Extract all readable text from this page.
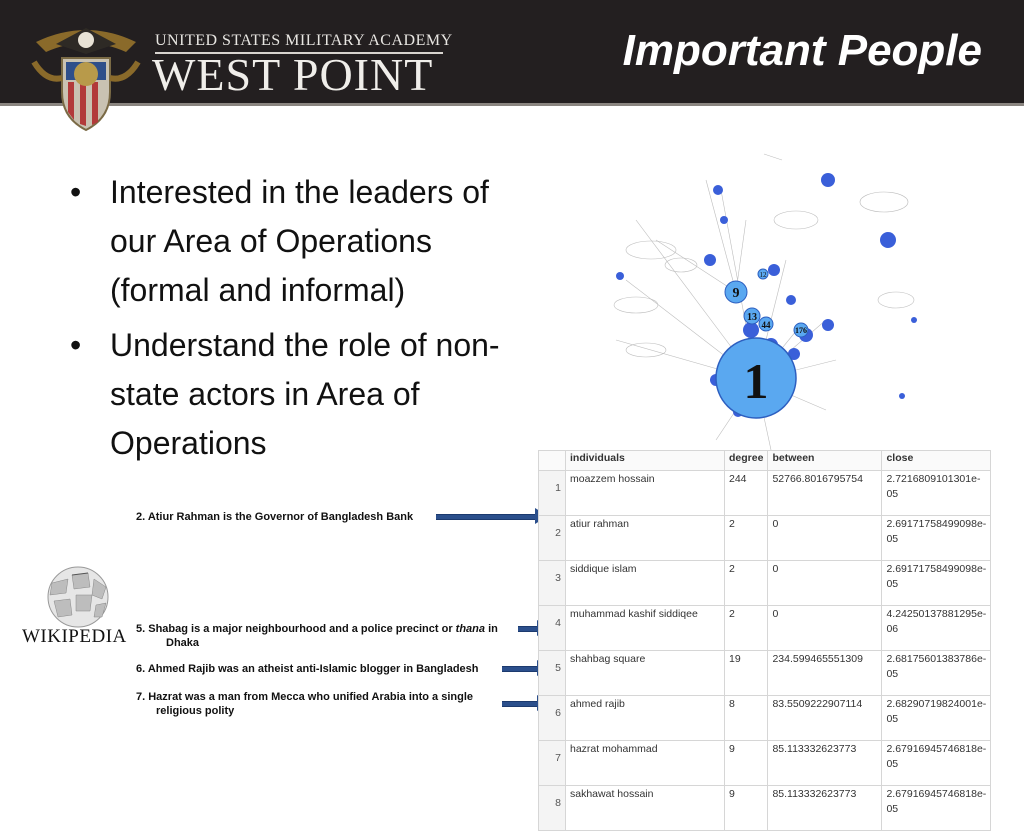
UNITED STATES MILITARY ACADEMY
WEST POINT	Important People
• Interested in the leaders of our Area of Operations (formal and informal)
• Understand the role of non-state actors in Area of Operations
1
9
13
44
176
12
WIKIPEDIA
2. Atiur Rahman is the Governor of Bangladesh Bank
5. Shabag is a major neighbourhood and a police precinct or thana in
Dhaka
6. Ahmed Rajib was an atheist anti-Islamic blogger in Bangladesh
7. Hazrat was a man from Mecca who unified Arabia into a single
religious polity
	individuals	degree	between	close
1	moazzem hossain	244	52766.8016795754	2.7216809101301e-
05
2	atiur rahman	2	0	2.69171758499098e-
05
3	siddique islam	2	0	2.69171758499098e-
05
4	muhammad kashif siddiqee	2	0	4.24250137881295e-
06
5	shahbag square	19	234.599465551309	2.68175601383786e-
05
6	ahmed rajib	8	83.5509222907114	2.68290719824001e-
05
7	hazrat mohammad	9	85.113332623773	2.67916945746818e-
05
8	sakhawat hossain	9	85.113332623773	2.67916945746818e-
05
